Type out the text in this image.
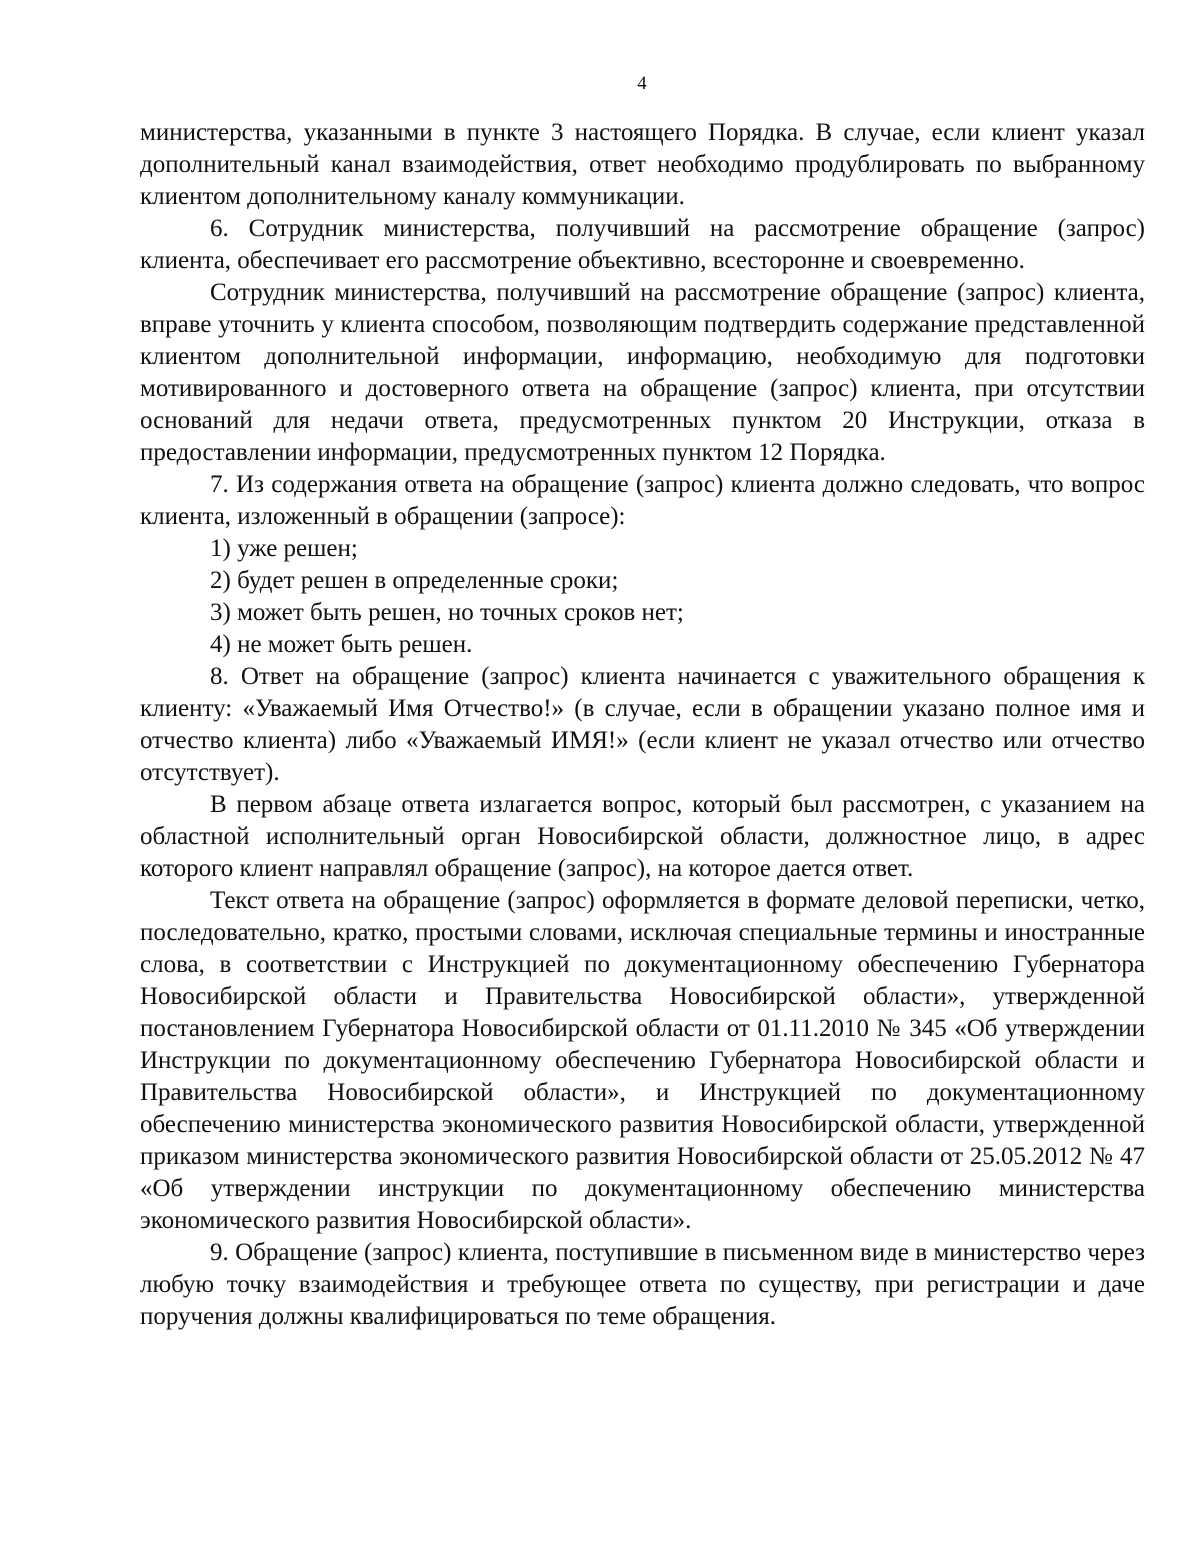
4

министерства, указанными в пункте 3 настоящего Порядка. В случае, если клиент указал дополнительный канал взаимодействия, ответ необходимо продублировать по выбранному клиентом дополнительному каналу коммуникации.

6. Сотрудник министерства, получивший на рассмотрение обращение (запрос) клиента, обеспечивает его рассмотрение объективно, всесторонне и своевременно.

Сотрудник министерства, получивший на рассмотрение обращение (запрос) клиента, вправе уточнить у клиента способом, позволяющим подтвердить содержание представленной клиентом дополнительной информации, информацию, необходимую для подготовки мотивированного и достоверного ответа на обращение (запрос) клиента, при отсутствии оснований для недачи ответа, предусмотренных пунктом 20 Инструкции, отказа в предоставлении информации, предусмотренных пунктом 12 Порядка.

7. Из содержания ответа на обращение (запрос) клиента должно следовать, что вопрос клиента, изложенный в обращении (запросе):

1) уже решен;

2) будет решен в определенные сроки;

3) может быть решен, но точных сроков нет;

4) не может быть решен.

8. Ответ на обращение (запрос) клиента начинается с уважительного обращения к клиенту: «Уважаемый Имя Отчество!» (в случае, если в обращении указано полное имя и отчество клиента) либо «Уважаемый ИМЯ!» (если клиент не указал отчество или отчество отсутствует).

В первом абзаце ответа излагается вопрос, который был рассмотрен, с указанием на областной исполнительный орган Новосибирской области, должностное лицо, в адрес которого клиент направлял обращение (запрос), на которое дается ответ.

Текст ответа на обращение (запрос) оформляется в формате деловой переписки, четко, последовательно, кратко, простыми словами, исключая специальные термины и иностранные слова, в соответствии с Инструкцией по документационному обеспечению Губернатора Новосибирской области и Правительства Новосибирской области», утвержденной постановлением Губернатора Новосибирской области от 01.11.2010 № 345 «Об утверждении Инструкции по документационному обеспечению Губернатора Новосибирской области и Правительства Новосибирской области», и Инструкцией по документационному обеспечению министерства экономического развития Новосибирской области, утвержденной приказом министерства экономического развития Новосибирской области от 25.05.2012 № 47 «Об утверждении инструкции по документационному обеспечению министерства экономического развития Новосибирской области».

9. Обращение (запрос) клиента, поступившие в письменном виде в министерство через любую точку взаимодействия и требующее ответа по существу, при регистрации и даче поручения должны квалифицироваться по теме обращения.
